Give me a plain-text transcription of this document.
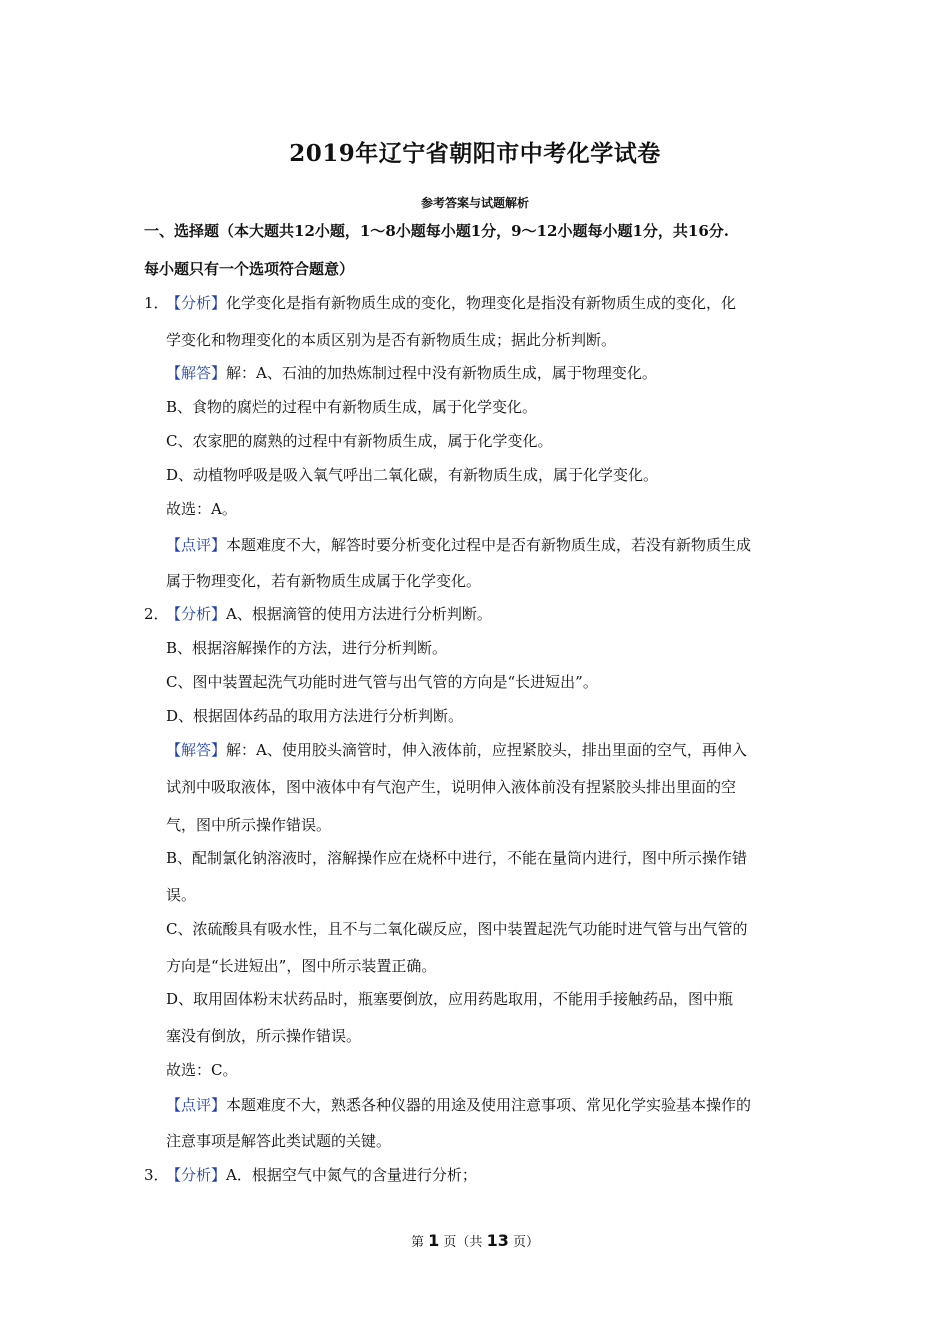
2019年辽宁省朝阳市中考化学试卷
参考答案与试题解析
一、选择题（本大题共12小题，1～8小题每小题1分，9～12小题每小题1分，共16分.
每小题只有一个选项符合题意）
1．
【分析】化学变化是指有新物质生成的变化，物理变化是指没有新物质生成的变化，化
学变化和物理变化的本质区别为是否有新物质生成；据此分析判断。
【解答】解：A、石油的加热炼制过程中没有新物质生成，属于物理变化。
B、食物的腐烂的过程中有新物质生成，属于化学变化。
C、农家肥的腐熟的过程中有新物质生成，属于化学变化。
D、动植物呼吸是吸入氧气呼出二氧化碳，有新物质生成，属于化学变化。
故选：A。
【点评】本题难度不大，解答时要分析变化过程中是否有新物质生成，若没有新物质生成
属于物理变化，若有新物质生成属于化学变化。
2．
【分析】A、根据滴管的使用方法进行分析判断。
B、根据溶解操作的方法，进行分析判断。
C、图中装置起洗气功能时进气管与出气管的方向是“长进短出”。
D、根据固体药品的取用方法进行分析判断。
【解答】解：A、使用胶头滴管时，伸入液体前，应捏紧胶头，排出里面的空气，再伸入
试剂中吸取液体，图中液体中有气泡产生，说明伸入液体前没有捏紧胶头排出里面的空
气，图中所示操作错误。
B、配制氯化钠溶液时，溶解操作应在烧杯中进行，不能在量筒内进行，图中所示操作错
误。
C、浓硫酸具有吸水性，且不与二氧化碳反应，图中装置起洗气功能时进气管与出气管的
方向是“长进短出”，图中所示装置正确。
D、取用固体粉末状药品时，瓶塞要倒放，应用药匙取用，不能用手接触药品，图中瓶
塞没有倒放，所示操作错误。
故选：C。
【点评】本题难度不大，熟悉各种仪器的用途及使用注意事项、常见化学实验基本操作的
注意事项是解答此类试题的关键。
3．
【分析】A．根据空气中氮气的含量进行分析；
第 1 页（共 13 页）
